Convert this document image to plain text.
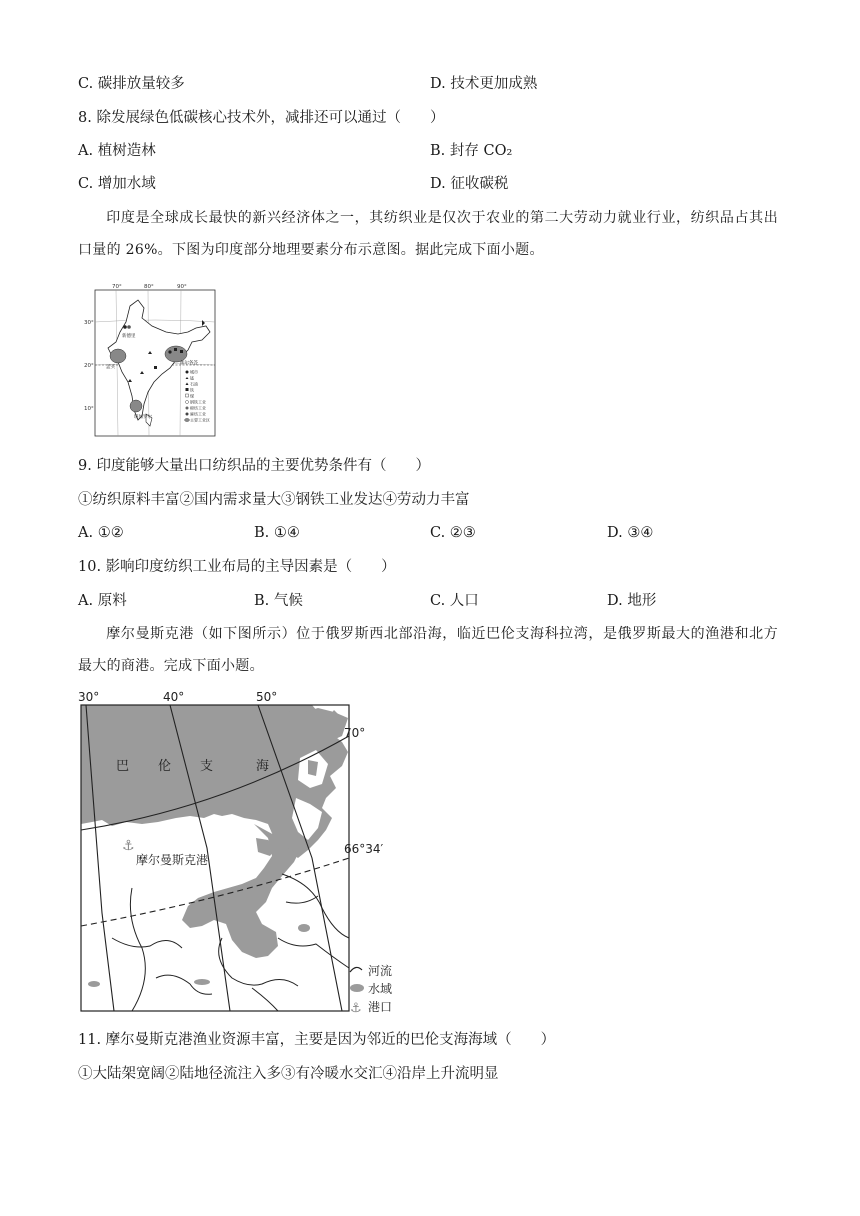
C. 碳排放量较多	D. 技术更加成熟
8. 除发展绿色低碳核心技术外，减排还可以通过（　　）
A. 植树造林	B. 封存 CO₂
C. 增加水域	D. 征收碳税
印度是全球成长最快的新兴经济体之一，其纺织业是仅次于农业的第二大劳动力就业行业，纺织品占其出口量的 26%。下图为印度部分地理要素分布示意图。据此完成下面小题。
70°	80°	90°
30°
20°
10°
新德里
孟买
加尔各答
班加罗尔
城市
锰
石油
铁
煤
钢铁工业
棉纺工业
麻纺工业
主要工业区
9. 印度能够大量出口纺织品的主要优势条件有（　　）
①纺织原料丰富②国内需求量大③钢铁工业发达④劳动力丰富
A. ①②	B. ①④	C. ②③	D. ③④
10. 影响印度纺织工业布局的主导因素是（　　）
A. 原料	B. 气候	C. 人口	D. 地形
摩尔曼斯克港（如下图所示）位于俄罗斯西北部沿海，临近巴伦支海科拉湾，是俄罗斯最大的渔港和北方最大的商港。完成下面小题。
30°	40°	50°
巴 伦 支	海
70°
66°34′
⚓
摩尔曼斯克港
河流
水域
⚓ 港口
11. 摩尔曼斯克港渔业资源丰富，主要是因为邻近的巴伦支海海域（　　）
①大陆架宽阔②陆地径流注入多③有冷暖水交汇④沿岸上升流明显
